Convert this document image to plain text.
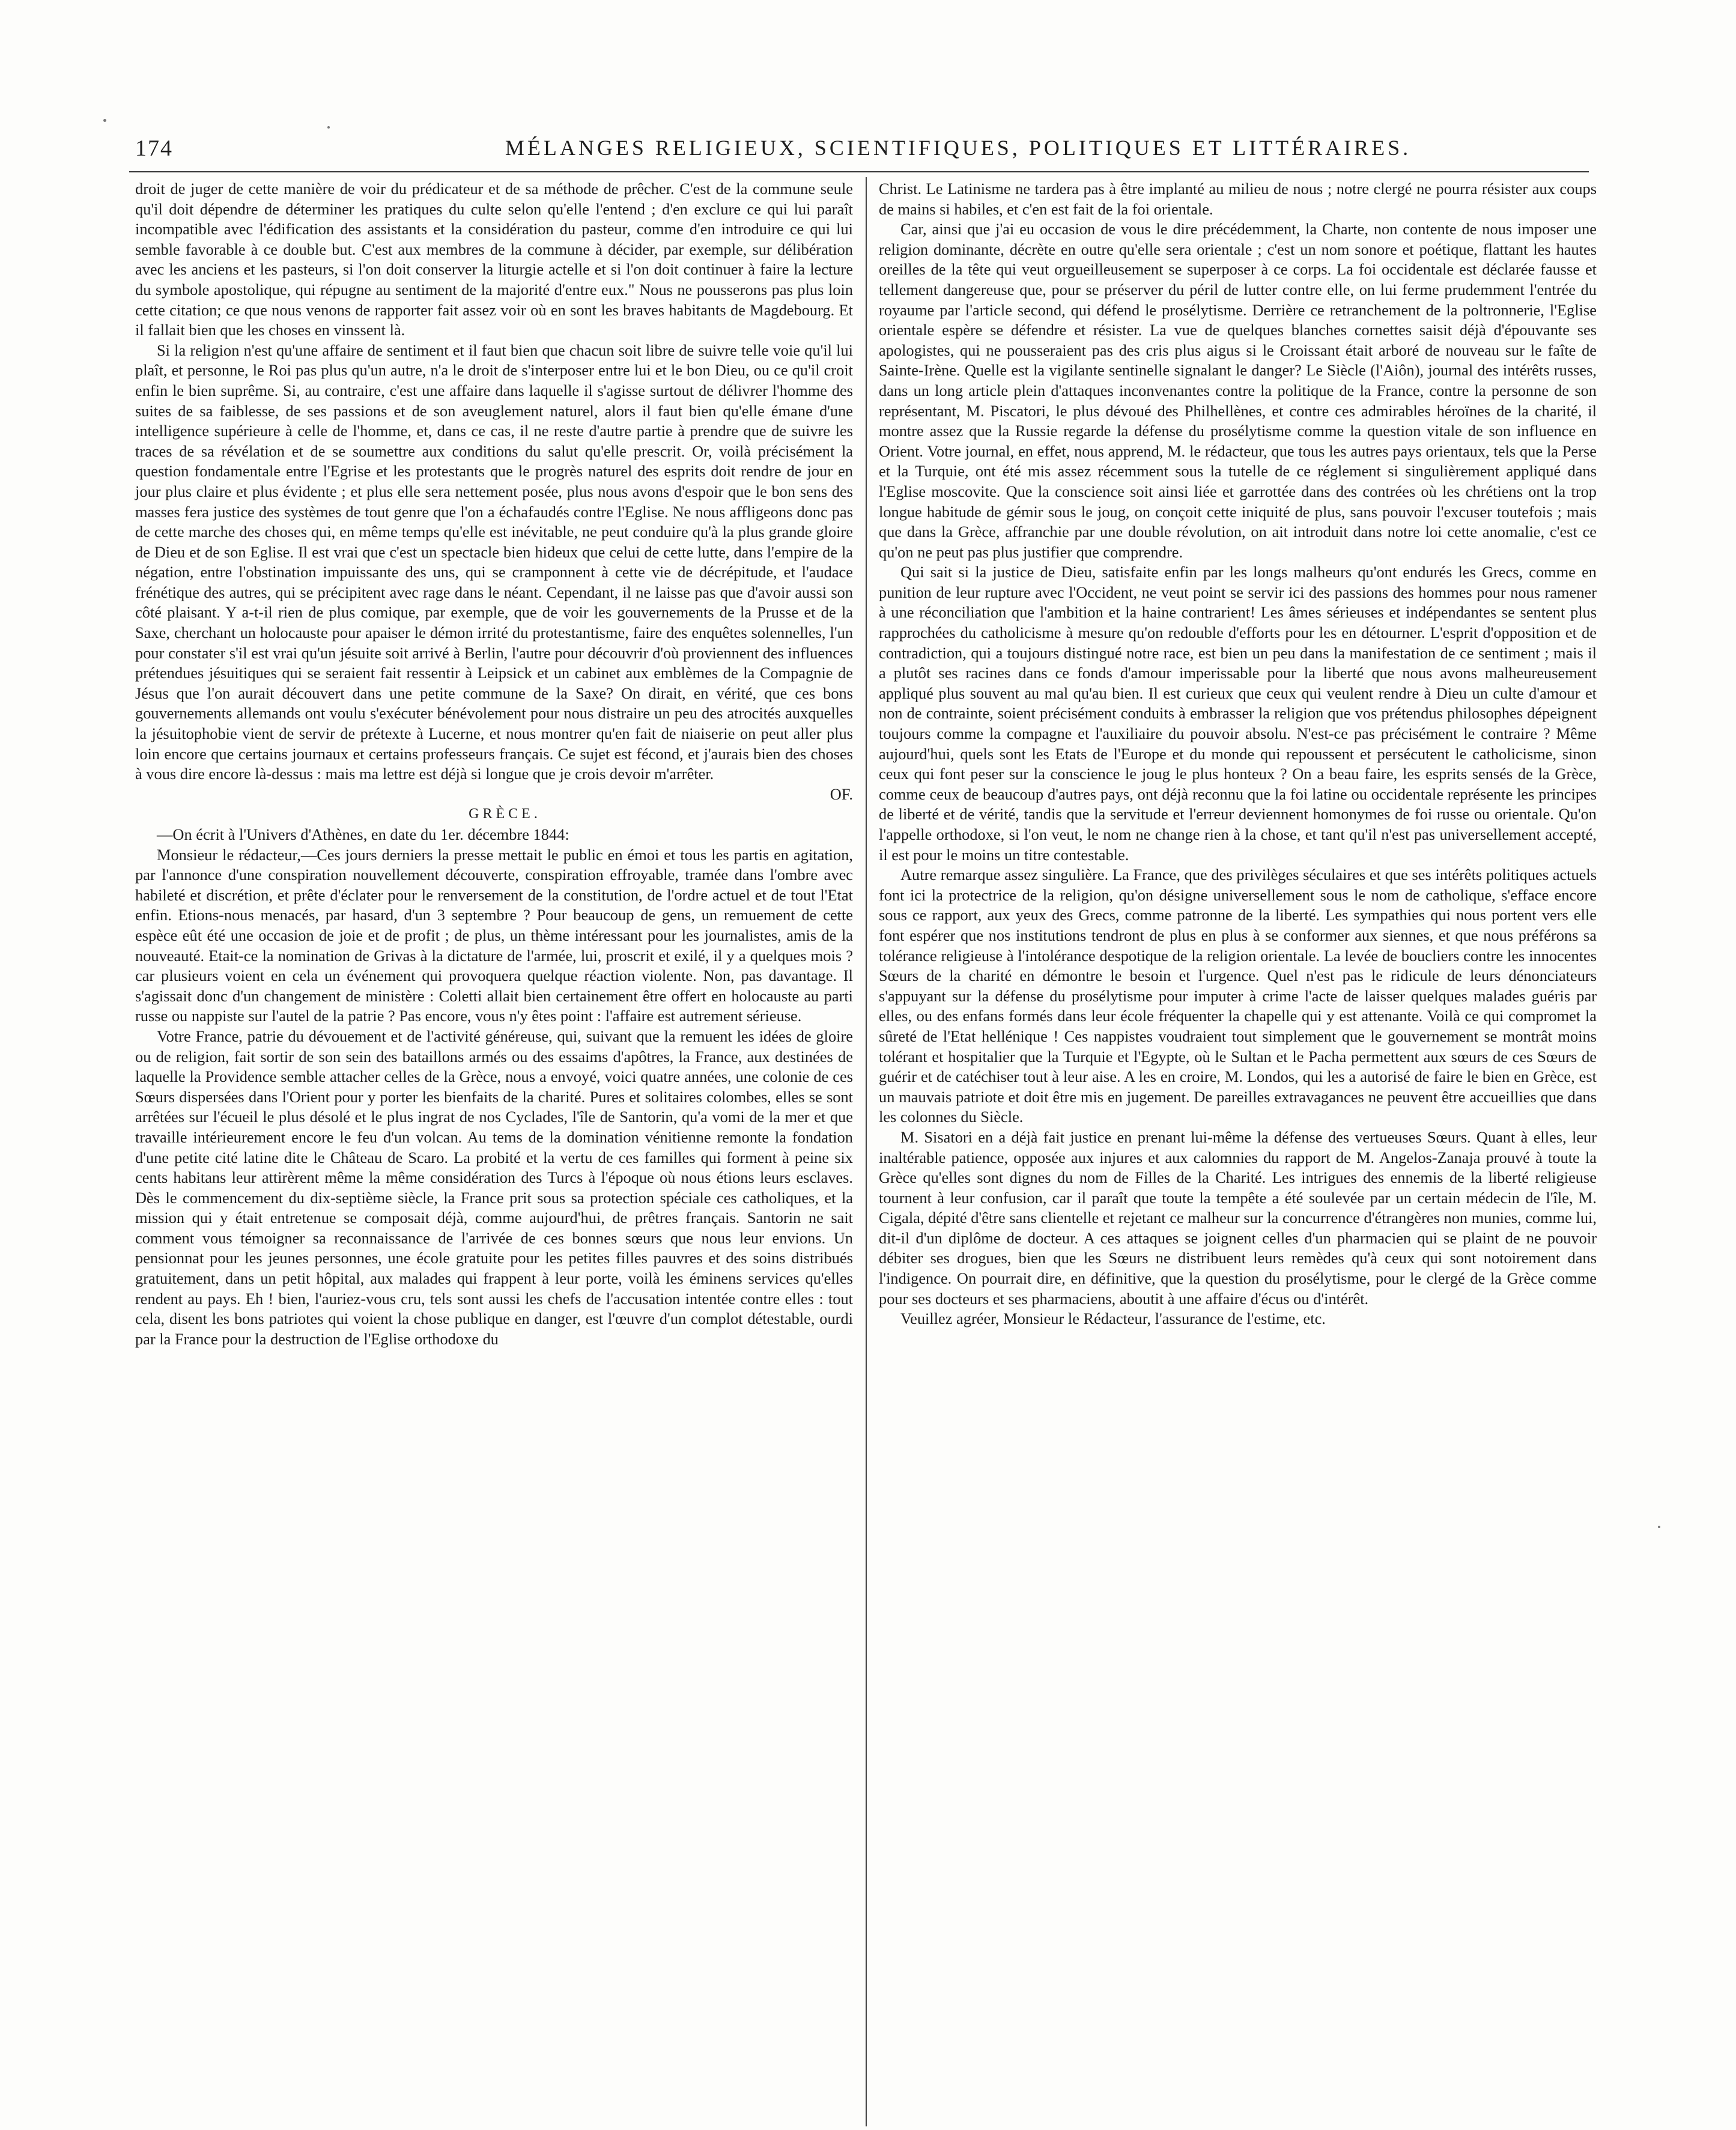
174	MÉLANGES RELIGIEUX, SCIENTIFIQUES, POLITIQUES ET LITTÉRAIRES.

droit de juger de cette manière de voir du prédicateur et de sa méthode de prêcher. C'est de la commune seule qu'il doit dépendre de déterminer les pratiques du culte selon qu'elle l'entend ; d'en exclure ce qui lui paraît incompatible avec l'édification des assistants et la considération du pasteur, comme d'en introduire ce qui lui semble favorable à ce double but. C'est aux membres de la commune à décider, par exemple, sur délibération avec les anciens et les pasteurs, si l'on doit conserver la liturgie actelle et si l'on doit continuer à faire la lecture du symbole apostolique, qui répugne au sentiment de la majorité d'entre eux." Nous ne pousserons pas plus loin cette citation; ce que nous venons de rapporter fait assez voir où en sont les braves habitants de Magdebourg. Et il fallait bien que les choses en vinssent là.

Si la religion n'est qu'une affaire de sentiment et il faut bien que chacun soit libre de suivre telle voie qu'il lui plaît, et personne, le Roi pas plus qu'un autre, n'a le droit de s'interposer entre lui et le bon Dieu, ou ce qu'il croit enfin le bien suprême. Si, au contraire, c'est une affaire dans laquelle il s'agisse surtout de délivrer l'homme des suites de sa faiblesse, de ses passions et de son aveuglement naturel, alors il faut bien qu'elle émane d'une intelligence supérieure à celle de l'homme, et, dans ce cas, il ne reste d'autre partie à prendre que de suivre les traces de sa révélation et de se soumettre aux conditions du salut qu'elle prescrit. Or, voilà précisément la question fondamentale entre l'Egrise et les protestants que le progrès naturel des esprits doit rendre de jour en jour plus claire et plus évidente ; et plus elle sera nettement posée, plus nous avons d'espoir que le bon sens des masses fera justice des systèmes de tout genre que l'on a échafaudés contre l'Eglise. Ne nous affligeons donc pas de cette marche des choses qui, en même temps qu'elle est inévitable, ne peut conduire qu'à la plus grande gloire de Dieu et de son Eglise. Il est vrai que c'est un spectacle bien hideux que celui de cette lutte, dans l'empire de la négation, entre l'obstination impuissante des uns, qui se cramponnent à cette vie de décrépitude, et l'audace frénétique des autres, qui se précipitent avec rage dans le néant. Cependant, il ne laisse pas que d'avoir aussi son côté plaisant. Y a-t-il rien de plus comique, par exemple, que de voir les gouvernements de la Prusse et de la Saxe, cherchant un holocauste pour apaiser le démon irrité du protestantisme, faire des enquêtes solennelles, l'un pour constater s'il est vrai qu'un jésuite soit arrivé à Berlin, l'autre pour découvrir d'où proviennent des influences prétendues jésuitiques qui se seraient fait ressentir à Leipsick et un cabinet aux emblèmes de la Compagnie de Jésus que l'on aurait découvert dans une petite commune de la Saxe? On dirait, en vérité, que ces bons gouvernements allemands ont voulu s'exécuter bénévolement pour nous distraire un peu des atrocités auxquelles la jésuitophobie vient de servir de prétexte à Lucerne, et nous montrer qu'en fait de niaiserie on peut aller plus loin encore que certains journaux et certains professeurs français. Ce sujet est fécond, et j'aurais bien des choses à vous dire encore là-dessus : mais ma lettre est déjà si longue que je crois devoir m'arrêter.

OF.

GRÈCE.

—On écrit à l'Univers d'Athènes, en date du 1er. décembre 1844:

Monsieur le rédacteur,—Ces jours derniers la presse mettait le public en émoi et tous les partis en agitation, par l'annonce d'une conspiration nouvellement découverte, conspiration effroyable, tramée dans l'ombre avec habileté et discrétion, et prête d'éclater pour le renversement de la constitution, de l'ordre actuel et de tout l'Etat enfin. Etions-nous menacés, par hasard, d'un 3 septembre ? Pour beaucoup de gens, un remuement de cette espèce eût été une occasion de joie et de profit ; de plus, un thème intéressant pour les journalistes, amis de la nouveauté. Etait-ce la nomination de Grivas à la dictature de l'armée, lui, proscrit et exilé, il y a quelques mois ? car plusieurs voient en cela un événement qui provoquera quelque réaction violente. Non, pas davantage. Il s'agissait donc d'un changement de ministère : Coletti allait bien certainement être offert en holocauste au parti russe ou nappiste sur l'autel de la patrie ? Pas encore, vous n'y êtes point : l'affaire est autrement sérieuse.

Votre France, patrie du dévouement et de l'activité généreuse, qui, suivant que la remuent les idées de gloire ou de religion, fait sortir de son sein des bataillons armés ou des essaims d'apôtres, la France, aux destinées de laquelle la Providence semble attacher celles de la Grèce, nous a envoyé, voici quatre années, une colonie de ces Sœurs dispersées dans l'Orient pour y porter les bienfaits de la charité. Pures et solitaires colombes, elles se sont arrêtées sur l'écueil le plus désolé et le plus ingrat de nos Cyclades, l'île de Santorin, qu'a vomi de la mer et que travaille intérieurement encore le feu d'un volcan. Au tems de la domination vénitienne remonte la fondation d'une petite cité latine dite le Château de Scaro. La probité et la vertu de ces familles qui forment à peine six cents habitans leur attirèrent même la même considération des Turcs à l'époque où nous étions leurs esclaves. Dès le commencement du dix-septième siècle, la France prit sous sa protection spéciale ces catholiques, et la mission qui y était entretenue se composait déjà, comme aujourd'hui, de prêtres français. Santorin ne sait comment vous témoigner sa reconnaissance de l'arrivée de ces bonnes sœurs que nous leur envions. Un pensionnat pour les jeunes personnes, une école gratuite pour les petites filles pauvres et des soins distribués gratuitement, dans un petit hôpital, aux malades qui frappent à leur porte, voilà les éminens services qu'elles rendent au pays. Eh ! bien, l'auriez-vous cru, tels sont aussi les chefs de l'accusation intentée contre elles : tout cela, disent les bons patriotes qui voient la chose publique en danger, est l'œuvre d'un complot détestable, ourdi par la France pour la destruction de l'Eglise orthodoxe du

Christ. Le Latinisme ne tardera pas à être implanté au milieu de nous ; notre clergé ne pourra résister aux coups de mains si habiles, et c'en est fait de la foi orientale.

Car, ainsi que j'ai eu occasion de vous le dire précédemment, la Charte, non contente de nous imposer une religion dominante, décrète en outre qu'elle sera orientale ; c'est un nom sonore et poétique, flattant les hautes oreilles de la tête qui veut orgueilleusement se superposer à ce corps. La foi occidentale est déclarée fausse et tellement dangereuse que, pour se préserver du péril de lutter contre elle, on lui ferme prudemment l'entrée du royaume par l'article second, qui défend le prosélytisme. Derrière ce retranchement de la poltronnerie, l'Eglise orientale espère se défendre et résister. La vue de quelques blanches cornettes saisit déjà d'épouvante ses apologistes, qui ne pousseraient pas des cris plus aigus si le Croissant était arboré de nouveau sur le faîte de Sainte-Irène. Quelle est la vigilante sentinelle signalant le danger? Le Siècle (l'Aiôn), journal des intérêts russes, dans un long article plein d'attaques inconvenantes contre la politique de la France, contre la personne de son représentant, M. Piscatori, le plus dévoué des Philhellènes, et contre ces admirables héroïnes de la charité, il montre assez que la Russie regarde la défense du prosélytisme comme la question vitale de son influence en Orient. Votre journal, en effet, nous apprend, M. le rédacteur, que tous les autres pays orientaux, tels que la Perse et la Turquie, ont été mis assez récemment sous la tutelle de ce réglement si singulièrement appliqué dans l'Eglise moscovite. Que la conscience soit ainsi liée et garrottée dans des contrées où les chrétiens ont la trop longue habitude de gémir sous le joug, on conçoit cette iniquité de plus, sans pouvoir l'excuser toutefois ; mais que dans la Grèce, affranchie par une double révolution, on ait introduit dans notre loi cette anomalie, c'est ce qu'on ne peut pas plus justifier que comprendre.

Qui sait si la justice de Dieu, satisfaite enfin par les longs malheurs qu'ont endurés les Grecs, comme en punition de leur rupture avec l'Occident, ne veut point se servir ici des passions des hommes pour nous ramener à une réconciliation que l'ambition et la haine contrarient! Les âmes sérieuses et indépendantes se sentent plus rapprochées du catholicisme à mesure qu'on redouble d'efforts pour les en détourner. L'esprit d'opposition et de contradiction, qui a toujours distingué notre race, est bien un peu dans la manifestation de ce sentiment ; mais il a plutôt ses racines dans ce fonds d'amour imperissable pour la liberté que nous avons malheureusement appliqué plus souvent au mal qu'au bien. Il est curieux que ceux qui veulent rendre à Dieu un culte d'amour et non de contrainte, soient précisément conduits à embrasser la religion que vos prétendus philosophes dépeignent toujours comme la compagne et l'auxiliaire du pouvoir absolu. N'est-ce pas précisément le contraire ? Même aujourd'hui, quels sont les Etats de l'Europe et du monde qui repoussent et persécutent le catholicisme, sinon ceux qui font peser sur la conscience le joug le plus honteux ? On a beau faire, les esprits sensés de la Grèce, comme ceux de beaucoup d'autres pays, ont déjà reconnu que la foi latine ou occidentale représente les principes de liberté et de vérité, tandis que la servitude et l'erreur deviennent homonymes de foi russe ou orientale. Qu'on l'appelle orthodoxe, si l'on veut, le nom ne change rien à la chose, et tant qu'il n'est pas universellement accepté, il est pour le moins un titre contestable.

Autre remarque assez singulière. La France, que des privilèges séculaires et que ses intérêts politiques actuels font ici la protectrice de la religion, qu'on désigne universellement sous le nom de catholique, s'efface encore sous ce rapport, aux yeux des Grecs, comme patronne de la liberté. Les sympathies qui nous portent vers elle font espérer que nos institutions tendront de plus en plus à se conformer aux siennes, et que nous préférons sa tolérance religieuse à l'intolérance despotique de la religion orientale. La levée de boucliers contre les innocentes Sœurs de la charité en démontre le besoin et l'urgence. Quel n'est pas le ridicule de leurs dénonciateurs s'appuyant sur la défense du prosélytisme pour imputer à crime l'acte de laisser quelques malades guéris par elles, ou des enfans formés dans leur école fréquenter la chapelle qui y est attenante. Voilà ce qui compromet la sûreté de l'Etat hellénique ! Ces nappistes voudraient tout simplement que le gouvernement se montrât moins tolérant et hospitalier que la Turquie et l'Egypte, où le Sultan et le Pacha permettent aux sœurs de ces Sœurs de guérir et de catéchiser tout à leur aise. A les en croire, M. Londos, qui les a autorisé de faire le bien en Grèce, est un mauvais patriote et doit être mis en jugement. De pareilles extravagances ne peuvent être accueillies que dans les colonnes du Siècle.

M. Sisatori en a déjà fait justice en prenant lui-même la défense des vertueuses Sœurs. Quant à elles, leur inaltérable patience, opposée aux injures et aux calomnies du rapport de M. Angelos-Zanaja prouvé à toute la Grèce qu'elles sont dignes du nom de Filles de la Charité. Les intrigues des ennemis de la liberté religieuse tournent à leur confusion, car il paraît que toute la tempête a été soulevée par un certain médecin de l'île, M. Cigala, dépité d'être sans clientelle et rejetant ce malheur sur la concurrence d'étrangères non munies, comme lui, dit-il d'un diplôme de docteur. A ces attaques se joignent celles d'un pharmacien qui se plaint de ne pouvoir débiter ses drogues, bien que les Sœurs ne distribuent leurs remèdes qu'à ceux qui sont notoirement dans l'indigence. On pourrait dire, en définitive, que la question du prosélytisme, pour le clergé de la Grèce comme pour ses docteurs et ses pharmaciens, aboutit à une affaire d'écus ou d'intérêt.

Veuillez agréer, Monsieur le Rédacteur, l'assurance de l'estime, etc.
